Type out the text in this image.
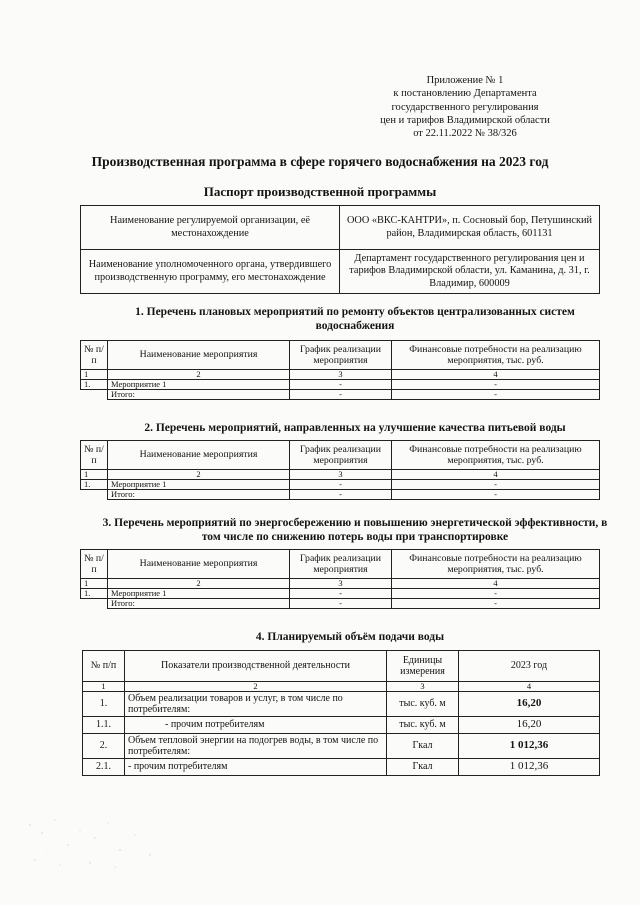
Приложение № 1
к постановлению Департамента
государственного регулирования
цен и тарифов Владимирской области
от 22.11.2022 № 38/326
Производственная программа в сфере горячего водоснабжения на 2023 год
Паспорт производственной программы
Наименование регулируемой организации, её местонахождение	ООО «ВКС-КАНТРИ», п. Сосновый бор, Петушинский район, Владимирская область, 601131
Наименование уполномоченного органа, утвердившего производственную программу, его местонахождение	Департамент государственного регулирования цен и тарифов Владимирской области, ул. Каманина, д. 31, г. Владимир, 600009
1. Перечень плановых мероприятий по ремонту объектов централизованных систем водоснабжения
№ п/п	Наименование мероприятия	График реализации мероприятия	Финансовые потребности на реализацию мероприятия, тыс. руб.
1	2	3	4
1.	Мероприятие 1	-	-
	Итого:	-	-
2. Перечень мероприятий, направленных на улучшение качества питьевой воды
№ п/п	Наименование мероприятия	График реализации мероприятия	Финансовые потребности на реализацию мероприятия, тыс. руб.
1	2	3	4
1.	Мероприятие 1	-	-
	Итого:	-	-
3. Перечень мероприятий по энергосбережению и повышению энергетической эффективности, в том числе по снижению потерь воды при транспортировке
№ п/п	Наименование мероприятия	График реализации мероприятия	Финансовые потребности на реализацию мероприятия, тыс. руб.
1	2	3	4
1.	Мероприятие 1	-	-
	Итого:	-	-
4. Планируемый объём подачи воды
№ п/п	Показатели производственной деятельности	Единицы измерения	2023 год
1	2	3	4
1.	Объем реализации товаров и услуг, в том числе по потребителям:	тыс. куб. м	16,20
1.1.	- прочим потребителям	тыс. куб. м	16,20
2.	Объем тепловой энергии на подогрев воды, в том числе по потребителям:	Гкал	1 012,36
2.1.	- прочим потребителям	Гкал	1 012,36
